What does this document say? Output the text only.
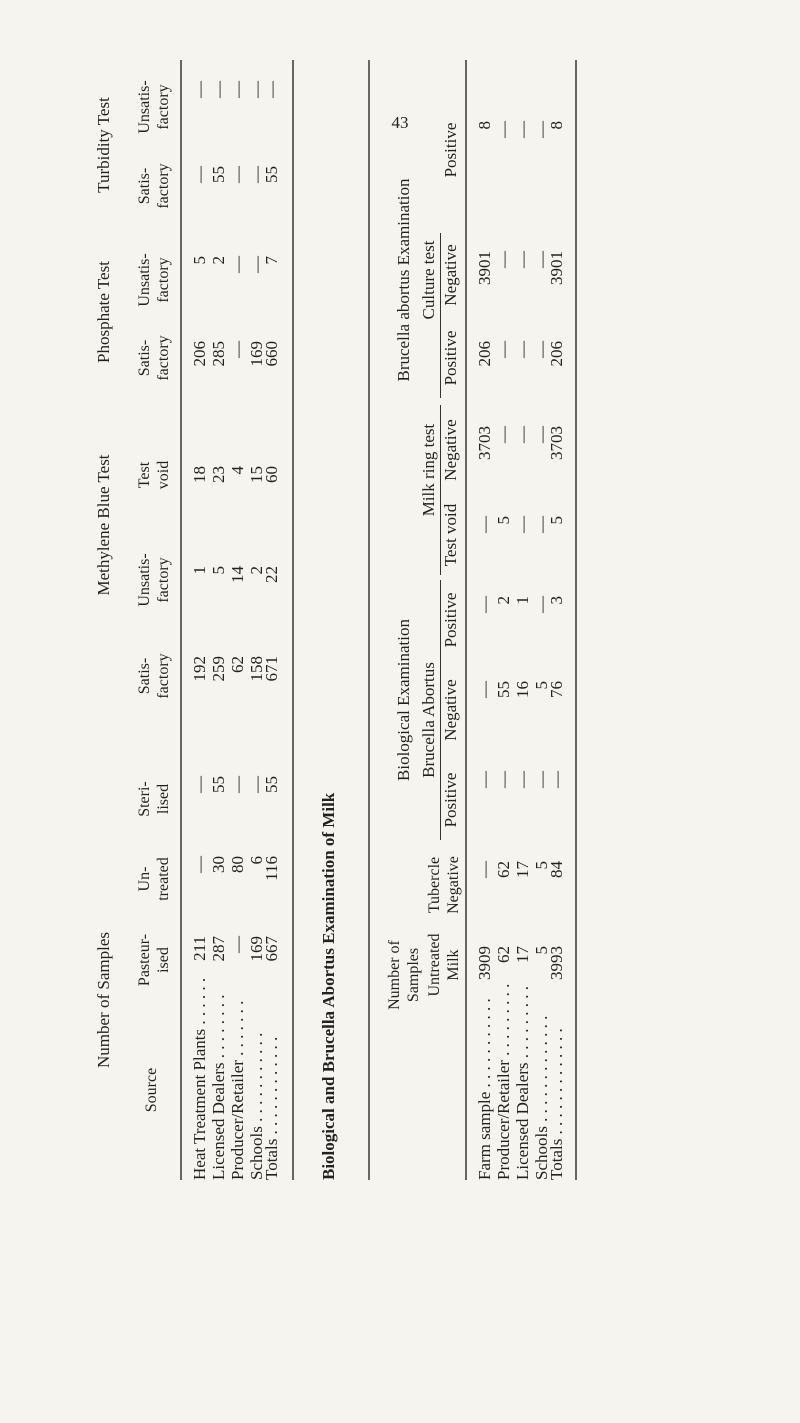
43
Number of Samples
Methylene Blue Test
Phosphate Test
Turbidity Test
Source
Pasteur-ised
Un-treated
Steri-lised
Satis-factory
Unsatis-factory
Test void
Satis-factory
Unsatis-factory
Satis-factory
Unsatis-factory
Heat Treatment Plants . . . . . .
Licensed Dealers . . . . . . . .
Producer/Retailer . . . . . . .
Schools . . . . . . . . . . .
Totals . . . . . . . . . . . .
211 287 — 169
— 30 80 6
— 55 — —
192 259 62 158
1 5 14 2
18 23 4 15
206 285 — 169
5 2 — —
— 55 — —
— — — —
667
116
55
671
22
60
660
7
55
—
Biological and Brucella Abortus Examination of Milk	Number of Samples
Biological Examination
Brucella abortus Examination
Brucella Abortus
Milk ring test
Culture test
Untreated Milk
Tubercle Negative
Positive
Negative
Positive
Test void
Negative
Positive
Negative
Positive
Farm sample . . . . . . . . . . .
Producer/Retailer . . . . . . . . .
Licensed Dealers . . . . . . . . .
Schools . . . . . . . . . . . . .
Totals . . . . . . . . . . . . .
3909 62 17 5
— 62 17 5
— — — —
— 55 16 5
— 2 1 —
— 5 — —
3703 — — —
206 — — —
3901 — — —
8 — — —
3993
84
—
76
3
5
3703
206
3901
8
